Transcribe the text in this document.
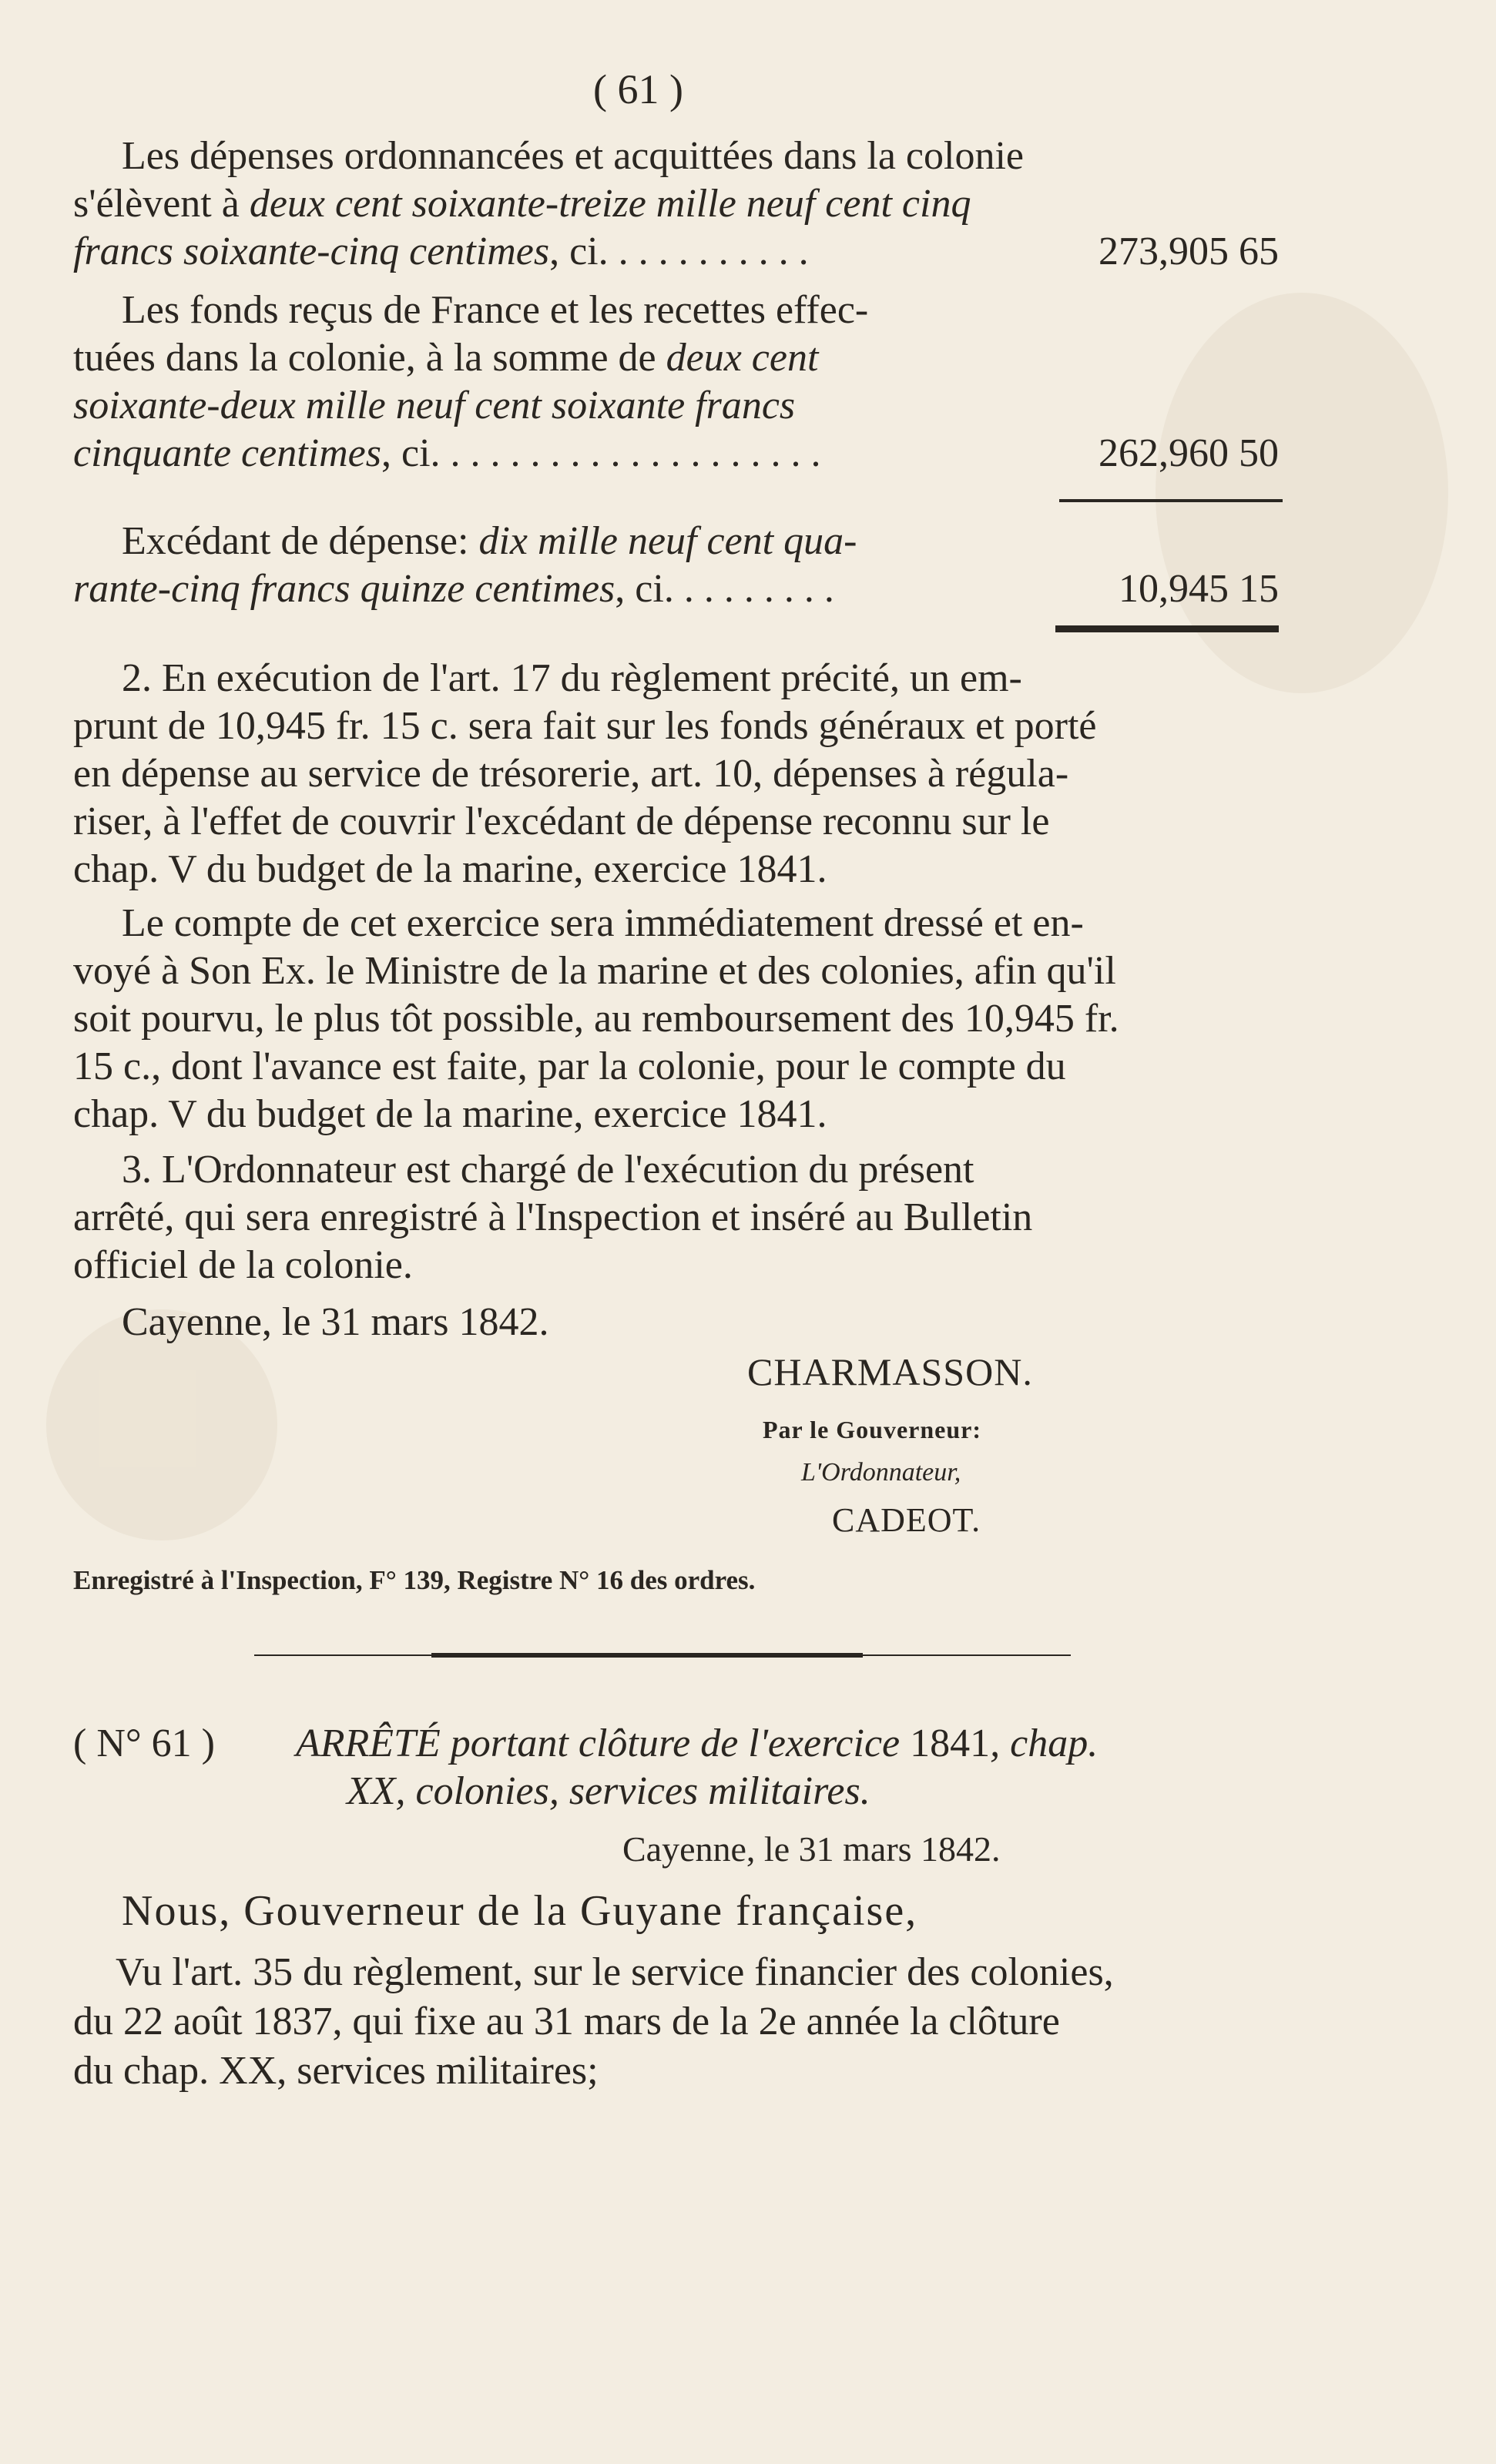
( 61 )
Les dépenses ordonnancées et acquittées dans la colonie
s'élèvent à deux cent soixante-treize mille neuf cent cinq
francs soixante-cinq centimes, ci. . . . . . . . . . .	273,905 65
Les fonds reçus de France et les recettes effec-
tuées dans la colonie, à la somme de deux cent
soixante-deux mille neuf cent soixante francs
cinquante centimes, ci. . . . . . . . . . . . . . . . . . . .	262,960 50
Excédant de dépense: dix mille neuf cent qua-
rante-cinq francs quinze centimes, ci. . . . . . . . .	10,945 15
2. En exécution de l'art. 17 du règlement précité, un em-
prunt de 10,945 fr. 15 c. sera fait sur les fonds généraux et porté
en dépense au service de trésorerie, art. 10, dépenses à régula-
riser, à l'effet de couvrir l'excédant de dépense reconnu sur le
chap. V du budget de la marine, exercice 1841.
Le compte de cet exercice sera immédiatement dressé et en-
voyé à Son Ex. le Ministre de la marine et des colonies, afin qu'il
soit pourvu, le plus tôt possible, au remboursement des 10,945 fr.
15 c., dont l'avance est faite, par la colonie, pour le compte du
chap. V du budget de la marine, exercice 1841.
3. L'Ordonnateur est chargé de l'exécution du présent
arrêté, qui sera enregistré à l'Inspection et inséré au Bulletin
officiel de la colonie.
Cayenne, le 31 mars 1842.
CHARMASSON.
Par le Gouverneur:
L'Ordonnateur,
CADEOT.
Enregistré à l'Inspection, F° 139, Registre N° 16 des ordres.
( N° 61 ) ARRÊTÉ portant clôture de l'exercice 1841, chap.
XX, colonies, services militaires.
Cayenne, le 31 mars 1842.
Nous, Gouverneur de la Guyane française,
Vu l'art. 35 du règlement, sur le service financier des colonies,
du 22 août 1837, qui fixe au 31 mars de la 2e année la clôture
du chap. XX, services militaires;
